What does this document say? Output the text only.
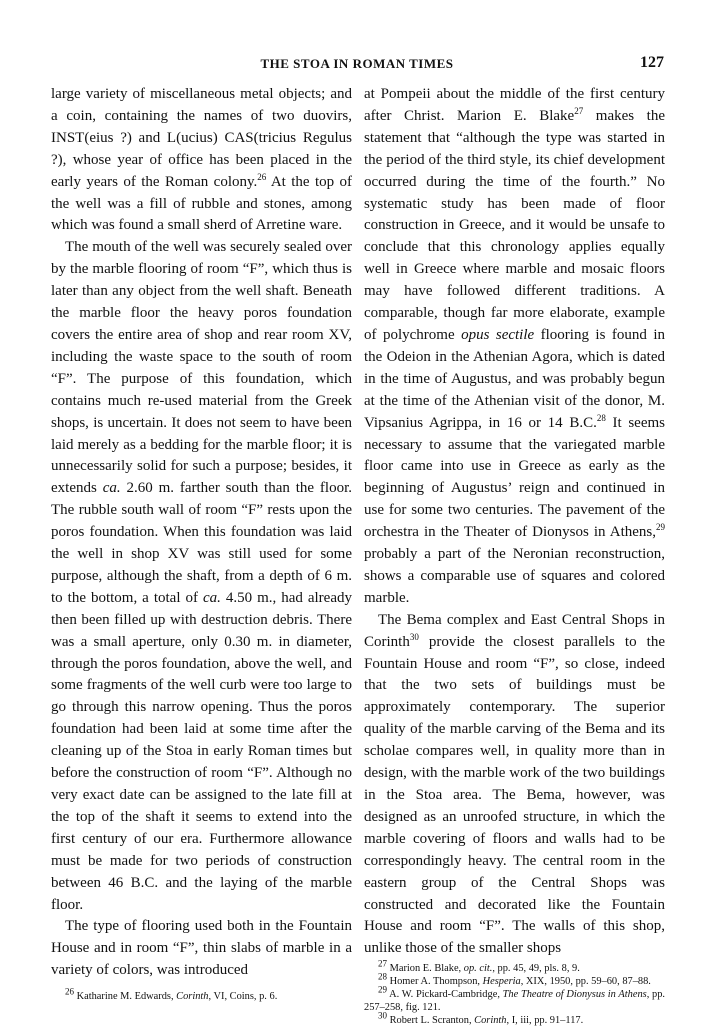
THE STOA IN ROMAN TIMES	127

large variety of miscellaneous metal objects; and a coin, containing the names of two duovirs, INST(eius ?) and L(ucius) CAS(tricius Regulus ?), whose year of office has been placed in the early years of the Roman colony.$^{26}$ At the top of the well was a fill of rubble and stones, among which was found a small sherd of Arretine ware.

The mouth of the well was securely sealed over by the marble flooring of room “F”, which thus is later than any object from the well shaft. Beneath the marble floor the heavy poros foundation covers the entire area of shop and rear room XV, including the waste space to the south of room “F”. The purpose of this foundation, which contains much re-used material from the Greek shops, is uncertain. It does not seem to have been laid merely as a bedding for the marble floor; it is unnecessarily solid for such a purpose; besides, it extends ca. 2.60 m. farther south than the floor. The rubble south wall of room “F” rests upon the poros foundation. When this foundation was laid the well in shop XV was still used for some purpose, although the shaft, from a depth of 6 m. to the bottom, a total of ca. 4.50 m., had already then been filled up with destruction debris. There was a small aperture, only 0.30 m. in diameter, through the poros foundation, above the well, and some fragments of the well curb were too large to go through this narrow opening. Thus the poros foundation had been laid at some time after the cleaning up of the Stoa in early Roman times but before the construction of room “F”. Although no very exact date can be assigned to the late fill at the top of the shaft it seems to extend into the first century of our era. Furthermore allowance must be made for two periods of construction between 46 B.C. and the laying of the marble floor.

The type of flooring used both in the Fountain House and in room “F”, thin slabs of marble in a variety of colors, was introduced

$^{26}$ Katharine M. Edwards, Corinth, VI, Coins, p. 6.

at Pompeii about the middle of the first century after Christ. Marion E. Blake$^{27}$ makes the statement that “although the type was started in the period of the third style, its chief development occurred during the time of the fourth.” No systematic study has been made of floor construction in Greece, and it would be unsafe to conclude that this chronology applies equally well in Greece where marble and mosaic floors may have followed different traditions. A comparable, though far more elaborate, example of polychrome opus sectile flooring is found in the Odeion in the Athenian Agora, which is dated in the time of Augustus, and was probably begun at the time of the Athenian visit of the donor, M. Vipsanius Agrippa, in 16 or 14 B.C.$^{28}$ It seems necessary to assume that the variegated marble floor came into use in Greece as early as the beginning of Augustus’ reign and continued in use for some two centuries. The pavement of the orchestra in the Theater of Dionysos in Athens,$^{29}$ probably a part of the Neronian reconstruction, shows a comparable use of squares and colored marble.

The Bema complex and East Central Shops in Corinth$^{30}$ provide the closest parallels to the Fountain House and room “F”, so close, indeed that the two sets of buildings must be approximately contemporary. The superior quality of the marble carving of the Bema and its scholae compares well, in quality more than in design, with the marble work of the two buildings in the Stoa area. The Bema, however, was designed as an unroofed structure, in which the marble covering of floors and walls had to be correspondingly heavy. The central room in the eastern group of the Central Shops was constructed and decorated like the Fountain House and room “F”. The walls of this shop, unlike those of the smaller shops

$^{27}$ Marion E. Blake, op. cit., pp. 45, 49, pls. 8, 9.

$^{28}$ Homer A. Thompson, Hesperia, XIX, 1950, pp. 59–60, 87–88.

$^{29}$ A. W. Pickard-Cambridge, The Theatre of Dionysus in Athens, pp. 257–258, fig. 121.

$^{30}$ Robert L. Scranton, Corinth, I, iii, pp. 91–117.
